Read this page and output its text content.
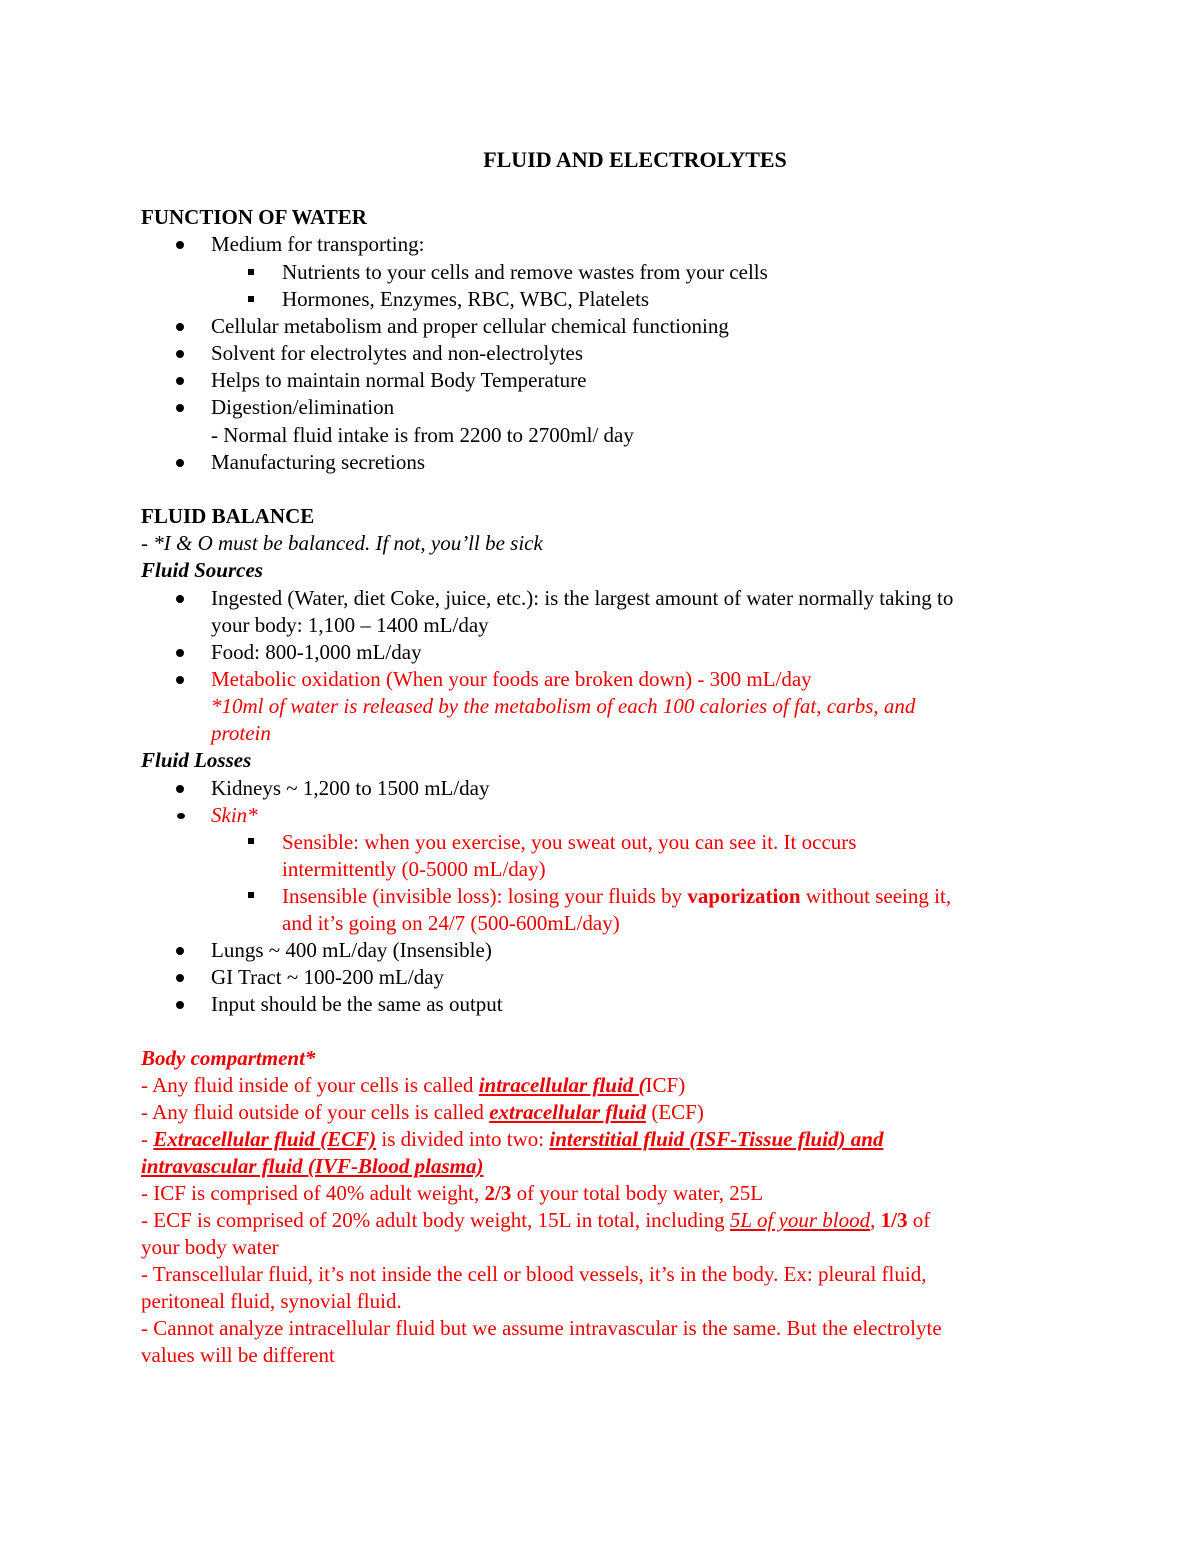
FLUID AND ELECTROLYTES
FUNCTION OF WATER
Medium for transporting:
Nutrients to your cells and remove wastes from your cells
Hormones, Enzymes, RBC, WBC, Platelets
Cellular metabolism and proper cellular chemical functioning
Solvent for electrolytes and non-electrolytes
Helps to maintain normal Body Temperature
Digestion/elimination
- Normal fluid intake is from 2200 to 2700ml/ day
Manufacturing secretions
FLUID BALANCE
- *I & O must be balanced. If not, you’ll be sick
Fluid Sources
Ingested (Water, diet Coke, juice, etc.): is the largest amount of water normally taking to
your body: 1,100 – 1400 mL/day
Food: 800-1,000 mL/day
Metabolic oxidation (When your foods are broken down) - 300 mL/day
*10ml of water is released by the metabolism of each 100 calories of fat, carbs, and
protein
Fluid Losses
Kidneys ~ 1,200 to 1500 mL/day
Skin*
Sensible: when you exercise, you sweat out, you can see it. It occurs
intermittently (0-5000 mL/day)
Insensible (invisible loss): losing your fluids by vaporization without seeing it,
and it’s going on 24/7 (500-600mL/day)
Lungs ~ 400 mL/day (Insensible)
GI Tract ~ 100-200 mL/day
Input should be the same as output
Body compartment*
- Any fluid inside of your cells is called intracellular fluid (ICF)
- Any fluid outside of your cells is called extracellular fluid (ECF)
- Extracellular fluid (ECF) is divided into two: interstitial fluid (ISF-Tissue fluid) and
intravascular fluid (IVF-Blood plasma)
- ICF is comprised of 40% adult weight, 2/3 of your total body water, 25L
- ECF is comprised of 20% adult body weight, 15L in total, including 5L of your blood, 1/3 of
your body water
- Transcellular fluid, it’s not inside the cell or blood vessels, it’s in the body. Ex: pleural fluid,
peritoneal fluid, synovial fluid.
- Cannot analyze intracellular fluid but we assume intravascular is the same. But the electrolyte
values will be different
